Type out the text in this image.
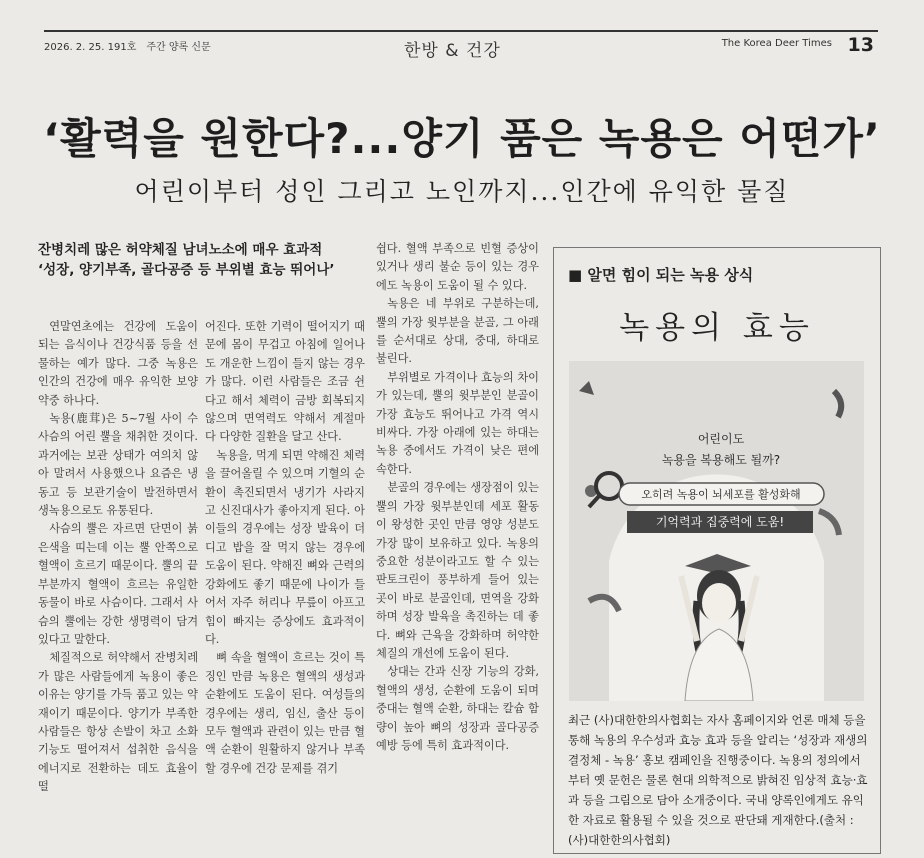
2026. 2. 25. 191호 주간 양록 신문	한방 & 건강	The Korea Deer Times 13
‘활력을 원한다?...양기 품은 녹용은 어떤가’
어린이부터 성인 그리고 노인까지...인간에 유익한 물질
잔병치레 많은 허약체질 남녀노소에 매우 효과적
‘성장, 양기부족, 골다공증 등 부위별 효능 뛰어나’

연말연초에는 건강에 도움이 되는 음식이나 건강식품 등을 선물하는 예가 많다. 그중 녹용은 인간의 건강에 매우 유익한 보양약중 하나다.

녹용(鹿茸)은 5~7월 사이 수사슴의 어린 뿔을 채취한 것이다. 과거에는 보관 상태가 여의치 않아 말려서 사용했으나 요즘은 냉동고 등 보관기술이 발전하면서 생녹용으로도 유통된다.

사슴의 뿔은 자르면 단면이 붉은색을 띠는데 이는 뿔 안쪽으로 혈액이 흐르기 때문이다. 뿔의 끝부분까지 혈액이 흐르는 유일한 동물이 바로 사슴이다. 그래서 사슴의 뿔에는 강한 생명력이 담겨 있다고 말한다.

체질적으로 허약해서 잔병치레가 많은 사람들에게 녹용이 좋은 이유는 양기를 가득 품고 있는 약재이기 때문이다. 양기가 부족한 사람들은 항상 손발이 차고 소화 기능도 떨어져서 섭취한 음식을 에너지로 전환하는 데도 효율이 떨

어진다. 또한 기력이 떨어지기 때문에 몸이 무겁고 아침에 일어나도 개운한 느낌이 들지 않는 경우가 많다. 이런 사람들은 조금 쉰다고 해서 체력이 금방 회복되지 않으며 면역력도 약해서 계절마다 다양한 질환을 달고 산다.

녹용을, 먹게 되면 약해진 체력을 끌어올릴 수 있으며 기혈의 순환이 촉진되면서 냉기가 사라지고 신진대사가 좋아지게 된다. 아이들의 경우에는 성장 발육이 더디고 밥을 잘 먹지 않는 경우에 도움이 된다. 약해진 뼈와 근력의 강화에도 좋기 때문에 나이가 들어서 자주 허리나 무릎이 아프고 힘이 빠지는 증상에도 효과적이다.

뼈 속을 혈액이 흐르는 것이 특징인 만큼 녹용은 혈액의 생성과 순환에도 도움이 된다. 여성들의 경우에는 생리, 임신, 출산 등이 모두 혈액과 관련이 있는 만큼 혈액 순환이 원활하지 않거나 부족할 경우에 건강 문제를 겪기

쉽다. 혈액 부족으로 빈혈 증상이 있거나 생리 불순 등이 있는 경우에도 녹용이 도움이 될 수 있다.

녹용은 네 부위로 구분하는데, 뿔의 가장 윗부분을 분골, 그 아래를 순서대로 상대, 중대, 하대로 불린다.

부위별로 가격이나 효능의 차이가 있는데, 뿔의 윗부분인 분골이 가장 효능도 뛰어나고 가격 역시 비싸다. 가장 아래에 있는 하대는 녹용 중에서도 가격이 낮은 편에 속한다.

분골의 경우에는 생장점이 있는 뿔의 가장 윗부분인데 세포 활동이 왕성한 곳인 만큼 영양 성분도 가장 많이 보유하고 있다. 녹용의 중요한 성분이라고도 할 수 있는 판토크린이 풍부하게 들어 있는 곳이 바로 분골인데, 면역을 강화하며 성장 발육을 촉진하는 데 좋다. 뼈와 근육을 강화하며 허약한 체질의 개선에 도움이 된다.

상대는 간과 신장 기능의 강화, 혈액의 생성, 순환에 도움이 되며 중대는 혈액 순환, 하대는 칼슘 함량이 높아 뼈의 성장과 골다공증 예방 등에 특히 효과적이다.

■ 알면 힘이 되는 녹용 상식
녹용의 효능
어린이도
녹용을 복용해도 될까?
오히려 녹용이 뇌세포를 활성화해
기억력과 집중력에 도움!
최근 (사)대한한의사협회는 자사 홈페이지와 언론 매체 등을 통해 녹용의 우수성과 효능 효과 등을 알리는 ‘성장과 재생의 결정체 - 녹용’ 홍보 캠페인을 진행중이다. 녹용의 정의에서부터 옛 문헌은 물론 현대 의학적으로 밝혀진 임상적 효능·효과 등을 그림으로 담아 소개중이다. 국내 양록인에게도 유익한 자료로 활용될 수 있을 것으로 판단돼 게재한다.(출처 : (사)대한한의사협회)
